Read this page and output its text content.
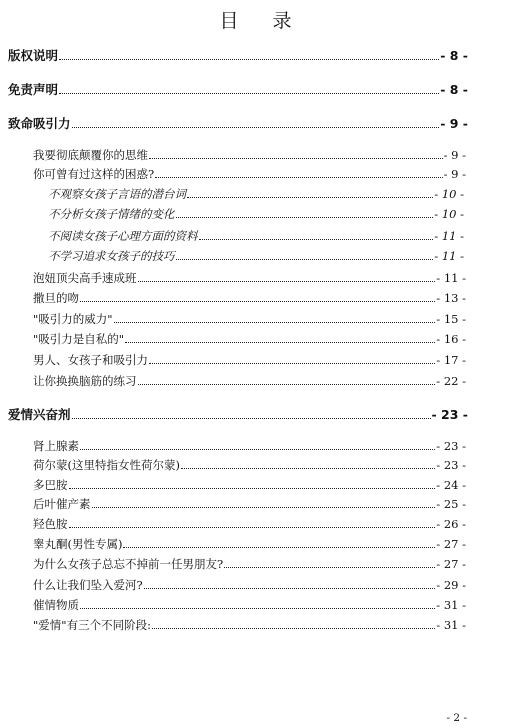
目 录
版权说明	- 8 -
免责声明	- 8 -
致命吸引力	- 9 -
我要彻底颠覆你的思维	- 9 -
你可曾有过这样的困惑?	- 9 -
不观察女孩子言语的潜台词	- 10 -
不分析女孩子情绪的变化	- 10 -
不阅读女孩子心理方面的资料	- 11 -
不学习追求女孩子的技巧	- 11 -
泡妞顶尖高手速成班	- 11 -
撒旦的吻	- 13 -
"吸引力的威力"	- 15 -
"吸引力是自私的"	- 16 -
男人、女孩子和吸引力	- 17 -
让你换换脑筋的练习	- 22 -
爱情兴奋剂	- 23 -
肾上腺素	- 23 -
荷尔蒙(这里特指女性荷尔蒙)	- 23 -
多巴胺	- 24 -
后叶催产素	- 25 -
羟色胺	- 26 -
睾丸酮(男性专属)	- 27 -
为什么女孩子总忘不掉前一任男朋友?	- 27 -
什么让我们坠入爱河?	- 29 -
催情物质	- 31 -
"爱情"有三个不同阶段:	- 31 -
- 2 -
